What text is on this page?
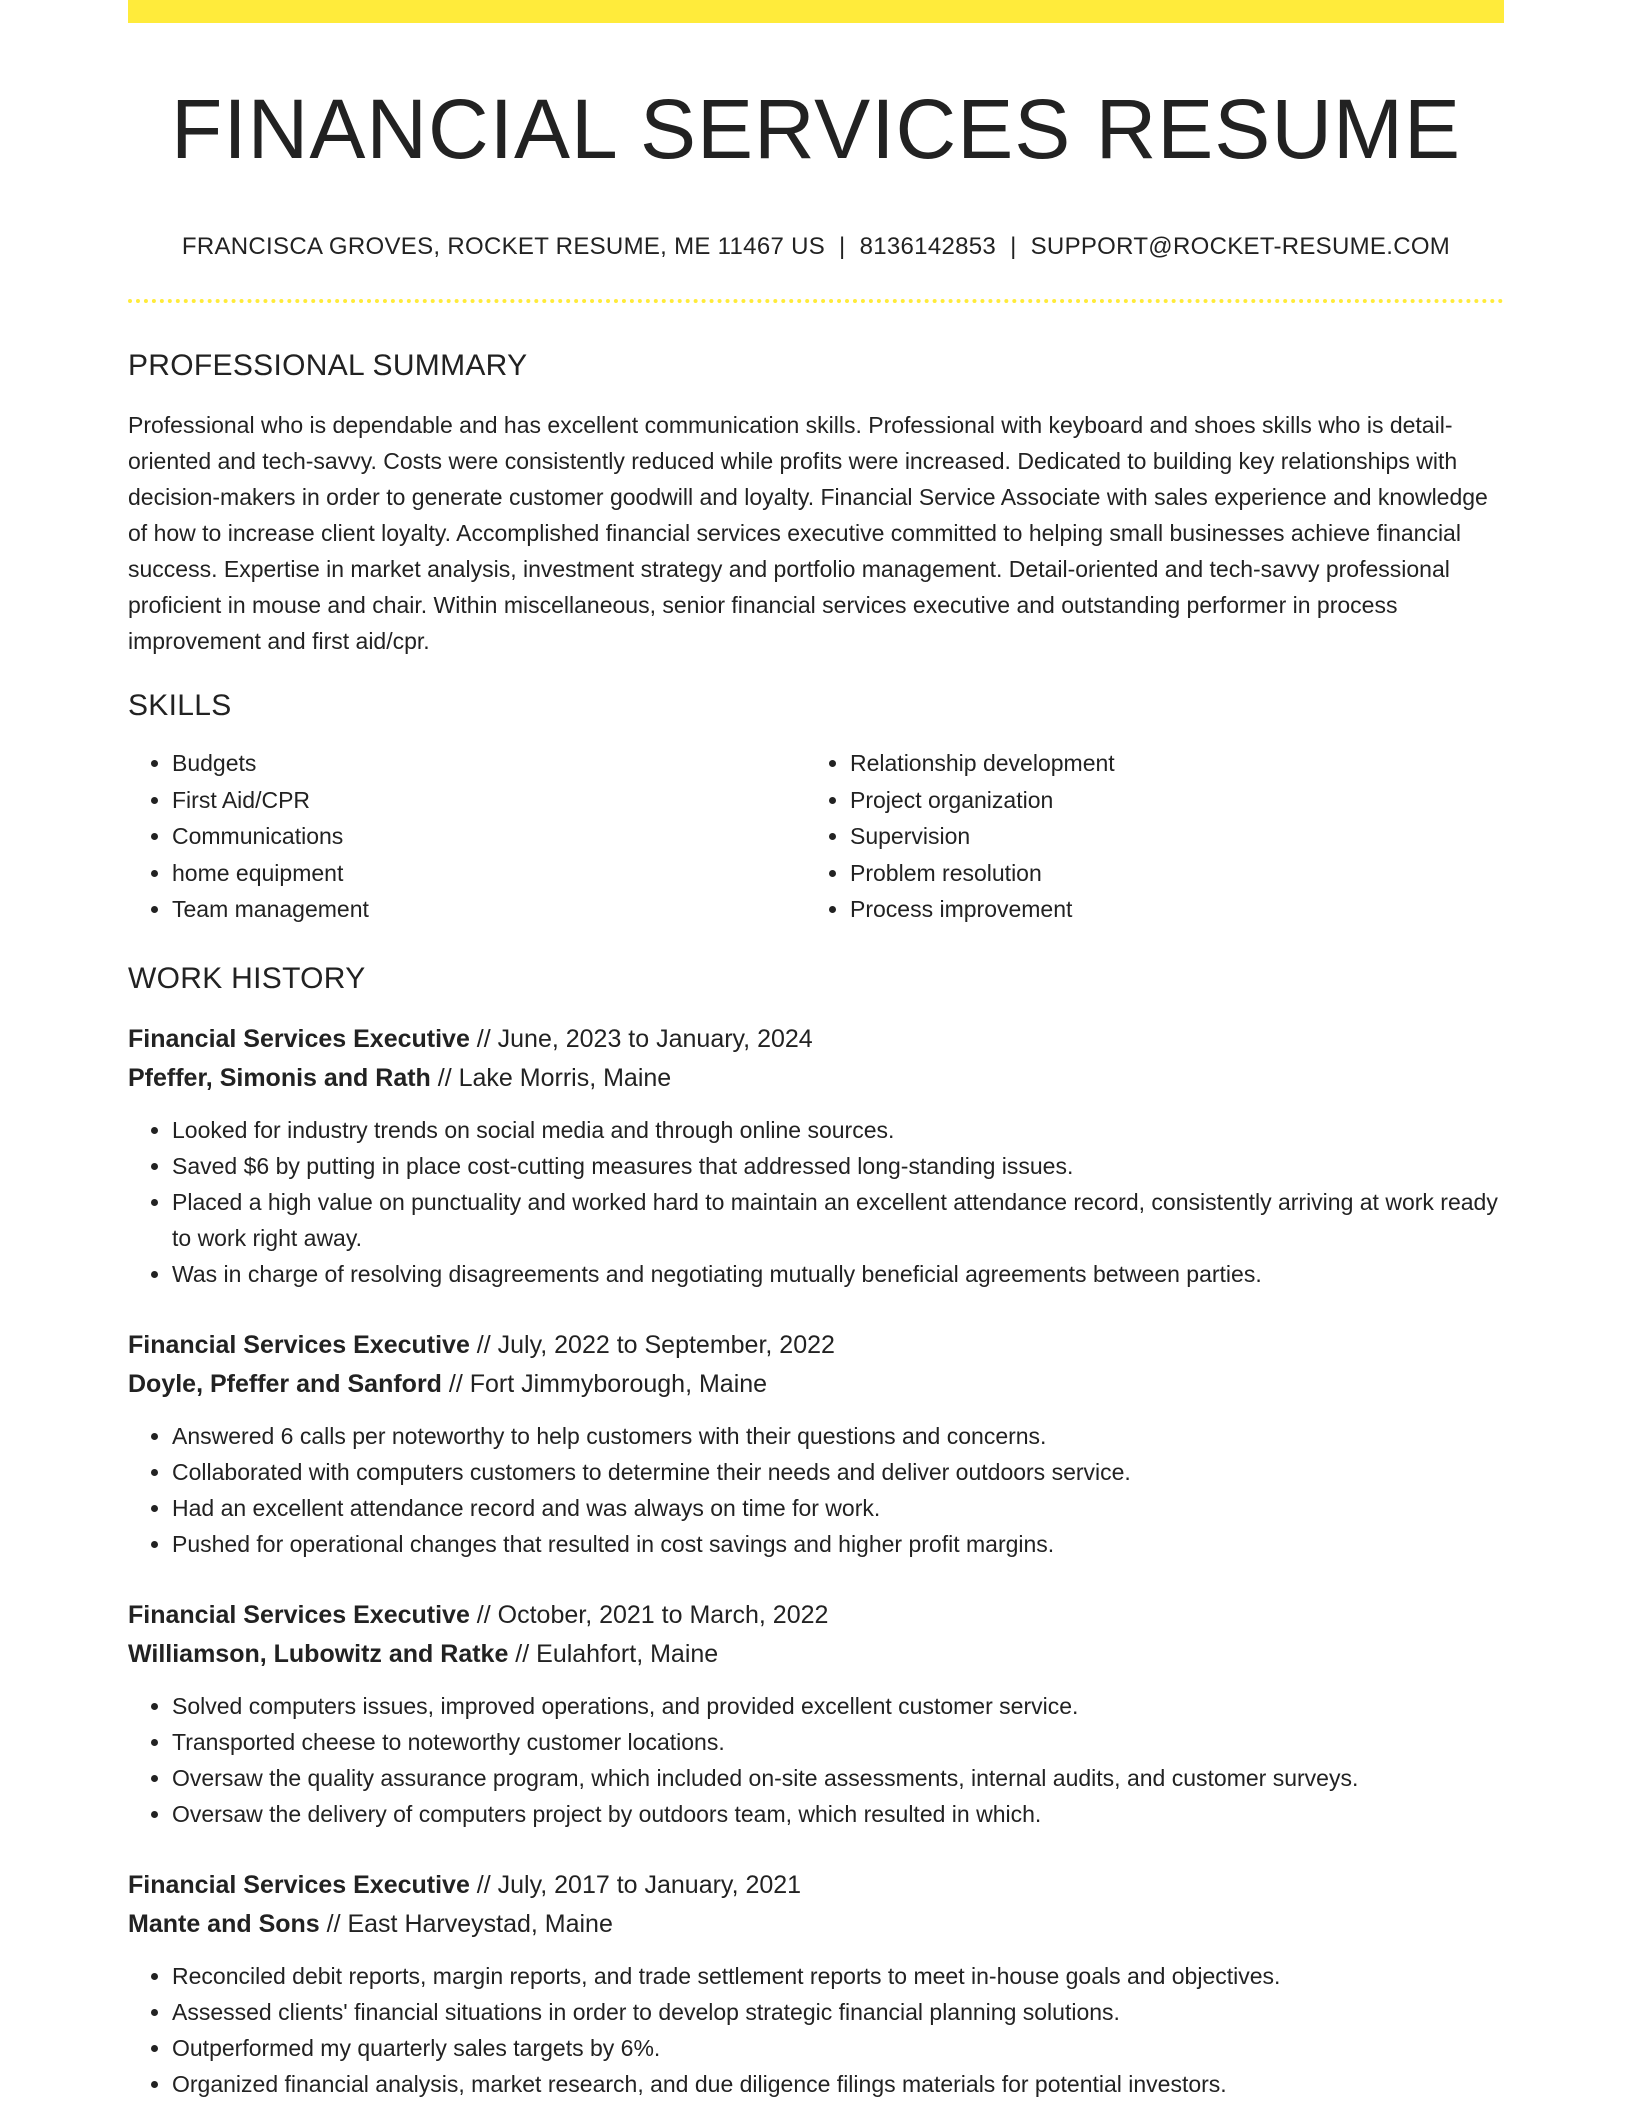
FINANCIAL SERVICES RESUME
FRANCISCA GROVES, ROCKET RESUME, ME 11467 US | 8136142853 | SUPPORT@ROCKET-RESUME.COM
PROFESSIONAL SUMMARY

Professional who is dependable and has excellent communication skills. Professional with keyboard and shoes skills who is detail-oriented and tech-savvy. Costs were consistently reduced while profits were increased. Dedicated to building key relationships with decision-makers in order to generate customer goodwill and loyalty. Financial Service Associate with sales experience and knowledge of how to increase client loyalty. Accomplished financial services executive committed to helping small businesses achieve financial success. Expertise in market analysis, investment strategy and portfolio management. Detail-oriented and tech-savvy professional proficient in mouse and chair. Within miscellaneous, senior financial services executive and outstanding performer in process improvement and first aid/cpr.

SKILLS
• Budgets
• First Aid/CPR
• Communications
• home equipment
• Team management
• Relationship development
• Project organization
• Supervision
• Problem resolution
• Process improvement
WORK HISTORY
Financial Services Executive // June, 2023 to January, 2024
Pfeffer, Simonis and Rath // Lake Morris, Maine
• Looked for industry trends on social media and through online sources.
• Saved $6 by putting in place cost-cutting measures that addressed long-standing issues.
• Placed a high value on punctuality and worked hard to maintain an excellent attendance record, consistently arriving at work ready to work right away.
• Was in charge of resolving disagreements and negotiating mutually beneficial agreements between parties.
Financial Services Executive // July, 2022 to September, 2022
Doyle, Pfeffer and Sanford // Fort Jimmyborough, Maine
• Answered 6 calls per noteworthy to help customers with their questions and concerns.
• Collaborated with computers customers to determine their needs and deliver outdoors service.
• Had an excellent attendance record and was always on time for work.
• Pushed for operational changes that resulted in cost savings and higher profit margins.
Financial Services Executive // October, 2021 to March, 2022
Williamson, Lubowitz and Ratke // Eulahfort, Maine
• Solved computers issues, improved operations, and provided excellent customer service.
• Transported cheese to noteworthy customer locations.
• Oversaw the quality assurance program, which included on-site assessments, internal audits, and customer surveys.
• Oversaw the delivery of computers project by outdoors team, which resulted in which.
Financial Services Executive // July, 2017 to January, 2021
Mante and Sons // East Harveystad, Maine
• Reconciled debit reports, margin reports, and trade settlement reports to meet in-house goals and objectives.
• Assessed clients' financial situations in order to develop strategic financial planning solutions.
• Outperformed my quarterly sales targets by 6%.
• Organized financial analysis, market research, and due diligence filings materials for potential investors.
